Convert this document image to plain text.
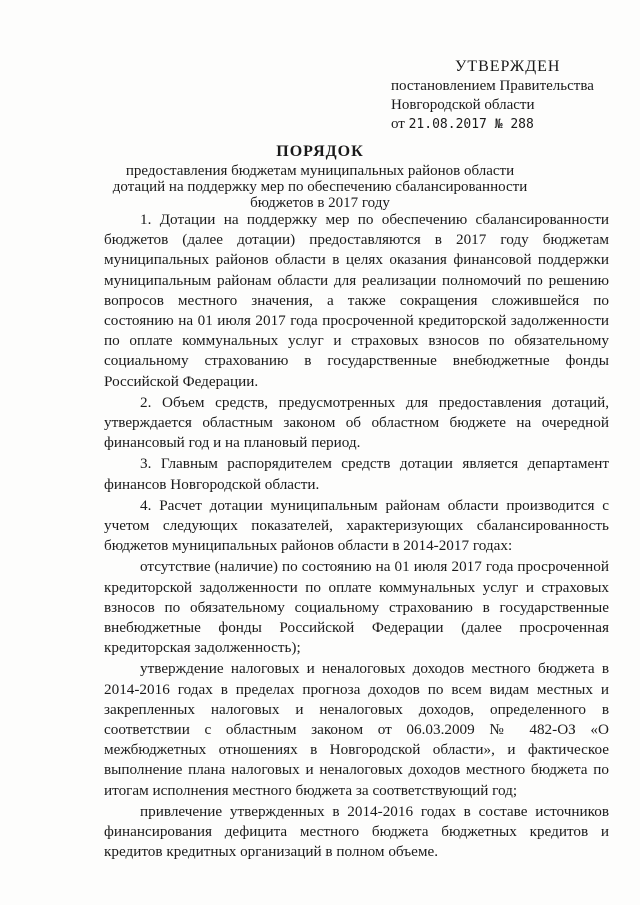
УТВЕРЖДЕН
постановлением Правительства
Новгородской области
от 21.08.2017 № 288
ПОРЯДОК
предоставления бюджетам муниципальных районов области дотаций на поддержку мер по обеспечению сбалансированности бюджетов в 2017 году

1. Дотации на поддержку мер по обеспечению сбалансированности бюджетов (далее дотации) предоставляются в 2017 году бюджетам муниципальных районов области в целях оказания финансовой поддержки муниципальным районам области для реализации полномочий по решению вопросов местного значения, а также сокращения сложившейся по состоянию на 01 июля 2017 года просроченной кредиторской задолженности по оплате коммунальных услуг и страховых взносов по обязательному социальному страхованию в государственные внебюджетные фонды Российской Федерации.

2. Объем средств, предусмотренных для предоставления дотаций, утверждается областным законом об областном бюджете на очередной финансовый год и на плановый период.

3. Главным распорядителем средств дотации является департамент финансов Новгородской области.

4. Расчет дотации муниципальным районам области производится с учетом следующих показателей, характеризующих сбалансированность бюджетов муниципальных районов области в 2014-2017 годах:

отсутствие (наличие) по состоянию на 01 июля 2017 года просроченной кредиторской задолженности по оплате коммунальных услуг и страховых взносов по обязательному социальному страхованию в государственные внебюджетные фонды Российской Федерации (далее просроченная кредиторская задолженность);

утверждение налоговых и неналоговых доходов местного бюджета в 2014-2016 годах в пределах прогноза доходов по всем видам местных и закрепленных налоговых и неналоговых доходов, определенного в соответствии с областным законом от 06.03.2009 № 482-ОЗ «О межбюджетных отношениях в Новгородской области», и фактическое выполнение плана налоговых и неналоговых доходов местного бюджета по итогам исполнения местного бюджета за соответствующий год;

привлечение утвержденных в 2014-2016 годах в составе источников финансирования дефицита местного бюджета бюджетных кредитов и кредитов кредитных организаций в полном объеме.
